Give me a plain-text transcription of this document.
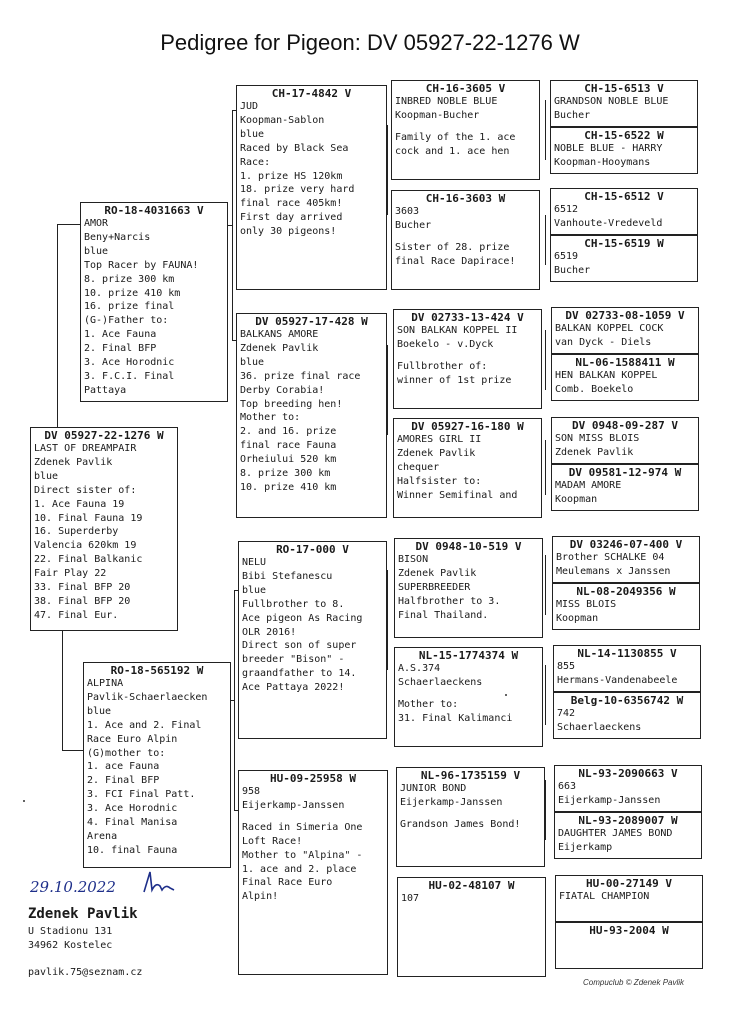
Pedigree for Pigeon: DV 05927-22-1276 W
DV 05927-22-1276 W
LAST OF DREAMPAIR
Zdenek Pavlik
blue
Direct sister of:
1. Ace Fauna 19
10. Final Fauna 19
16. Superderby
Valencia 620km 19
22. Final Balkanic
Fair Play 22
33. Final BFP 20
38. Final BFP 20
47. Final Eur.
RO-18-4031663 V
AMOR
Beny+Narcis
blue
Top Racer by FAUNA!
8. prize 300 km
10. prize 410 km
16. prize final
(G-)Father to:
1. Ace Fauna
2. Final BFP
3. Ace Horodnic
3. F.C.I. Final
Pattaya
RO-18-565192 W
ALPINA
Pavlik-Schaerlaecken
blue
1. Ace and 2. Final
Race Euro Alpin
(G)mother to:
1. ace Fauna
2. Final BFP
3. FCI Final Patt.
3. Ace Horodnic
4. Final Manisa
Arena
10. final Fauna
CH-17-4842 V
JUD
Koopman-Sablon
blue
Raced by Black Sea
Race:
1. prize HS 120km
18. prize very hard
final race 405km!
First day arrived
only 30 pigeons!
DV 05927-17-428 W
BALKANS AMORE
Zdenek Pavlik
blue
36. prize final race
Derby Corabia!
Top breeding hen!
Mother to:
2. and 16. prize
final race Fauna
Orheiului 520 km
8. prize 300 km
10. prize 410 km
RO-17-000 V
NELU
Bibi Stefanescu
blue
Fullbrother to 8.
Ace pigeon As Racing
OLR 2016!
Direct son of super
breeder "Bison" -
graandfather to 14.
Ace Pattaya 2022!
HU-09-25958 W
958
Eijerkamp-Janssen
Raced in Simeria One
Loft Race!
Mother to "Alpina" -
1. ace and 2. place
Final Race Euro
Alpin!
CH-16-3605 V
INBRED NOBLE BLUE
Koopman-Bucher
Family of the 1. ace
cock and 1. ace hen
CH-16-3603 W
3603
Bucher
Sister of 28. prize
final Race Dapirace!
DV 02733-13-424 V
SON BALKAN KOPPEL II
Boekelo - v.Dyck
Fullbrother of:
winner of 1st prize
DV 05927-16-180 W
AMORES GIRL II
Zdenek Pavlik
chequer
Halfsister to:
Winner Semifinal and
DV 0948-10-519 V
BISON
Zdenek Pavlik
SUPERBREEDER
Halfbrother to 3.
Final Thailand.
NL-15-1774374 W
A.S.374
Schaerlaeckens
Mother to:
31. Final Kalimanci
NL-96-1735159 V
JUNIOR BOND
Eijerkamp-Janssen
Grandson James Bond!
HU-02-48107 W
107
CH-15-6513 V
GRANDSON NOBLE BLUE
Bucher
CH-15-6522 W
NOBLE BLUE - HARRY
Koopman-Hooymans
CH-15-6512 V
6512
Vanhoute-Vredeveld
CH-15-6519 W
6519
Bucher
DV 02733-08-1059 V
BALKAN KOPPEL COCK
van Dyck - Diels
NL-06-1588411 W
HEN BALKAN KOPPEL
Comb. Boekelo
DV 0948-09-287 V
SON MISS BLOIS
Zdenek Pavlik
DV 09581-12-974 W
MADAM AMORE
Koopman
DV 03246-07-400 V
Brother SCHALKE 04
Meulemans x Janssen
NL-08-2049356 W
MISS BLOIS
Koopman
NL-14-1130855 V
855
Hermans-Vandenabeele
Belg-10-6356742 W
742
Schaerlaeckens
NL-93-2090663 V
663
Eijerkamp-Janssen
NL-93-2089007 W
DAUGHTER JAMES BOND
Eijerkamp
HU-00-27149 V
FIATAL CHAMPION
HU-93-2004 W
29.10.2022
Zdenek Pavlik
U Stadionu 131
34962 Kostelec
pavlik.75@seznam.cz
Compuclub © Zdenek Pavlik
